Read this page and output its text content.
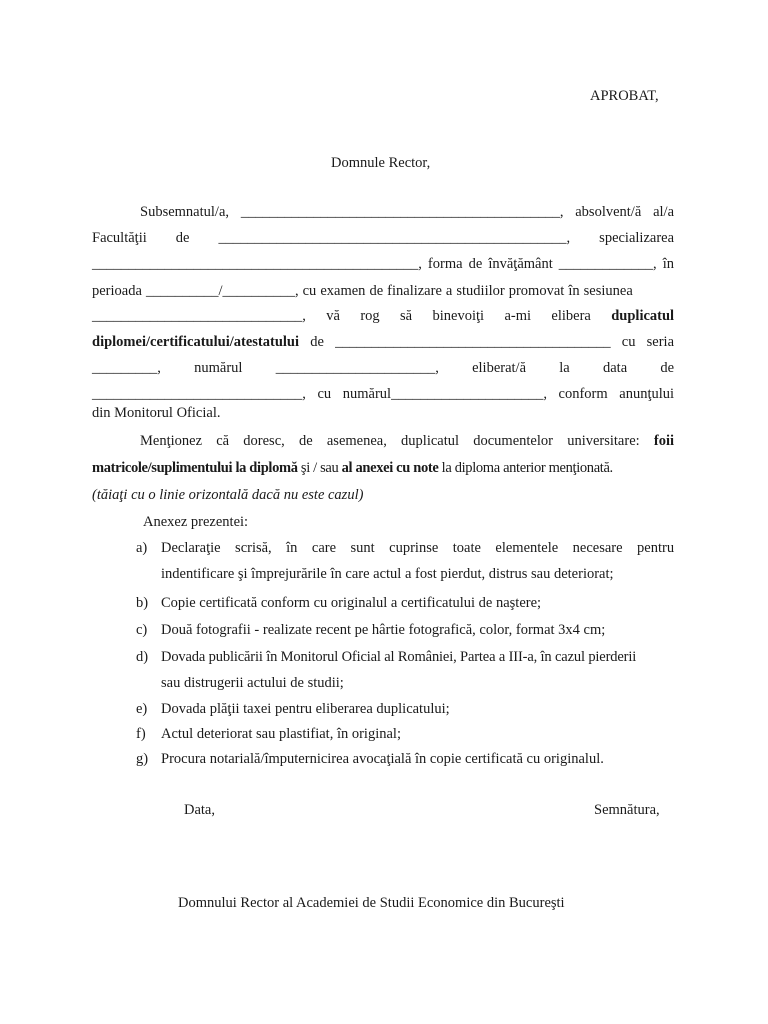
APROBAT,
Domnule Rector,
Subsemnatul/a, ____________________________________________, absolvent/ă al/a
Facultăţii de ________________________________________________, specializarea
_____________________________________________, forma de învăţământ _____________, în
perioada __________/__________, cu examen de finalizare a studiilor promovat în sesiunea
_____________________________, vă rog să binevoiţi a-mi elibera duplicatul
diplomei/certificatului/atestatului de ______________________________________ cu seria
_________, numărul ______________________, eliberat/ă la data de
_____________________________, cu numărul_____________________, conform anunţului
din Monitorul Oficial.
Menţionez că doresc, de asemenea, duplicatul documentelor universitare: foii
matricole/suplimentului la diplomă şi / sau al anexei cu note la diploma anterior menţionată.
(tăiaţi cu o linie orizontală dacă nu este cazul)
Anexez prezentei:
a) Declaraţie scrisă, în care sunt cuprinse toate elementele necesare pentru
indentificare şi împrejurările în care actul a fost pierdut, distrus sau deteriorat;
b) Copie certificată conform cu originalul a certificatului de naştere;
c) Două fotografii - realizate recent pe hârtie fotografică, color, format 3x4 cm;
d) Dovada publicării în Monitorul Oficial al României, Partea a III-a, în cazul pierderii
sau distrugerii actului de studii;
e) Dovada plăţii taxei pentru eliberarea duplicatului;
f) Actul deteriorat sau plastifiat, în original;
g) Procura notarială/împuternicirea avocaţială în copie certificată cu originalul.
Data,	Semnătura,
Domnului Rector al Academiei de Studii Economice din Bucureşti
